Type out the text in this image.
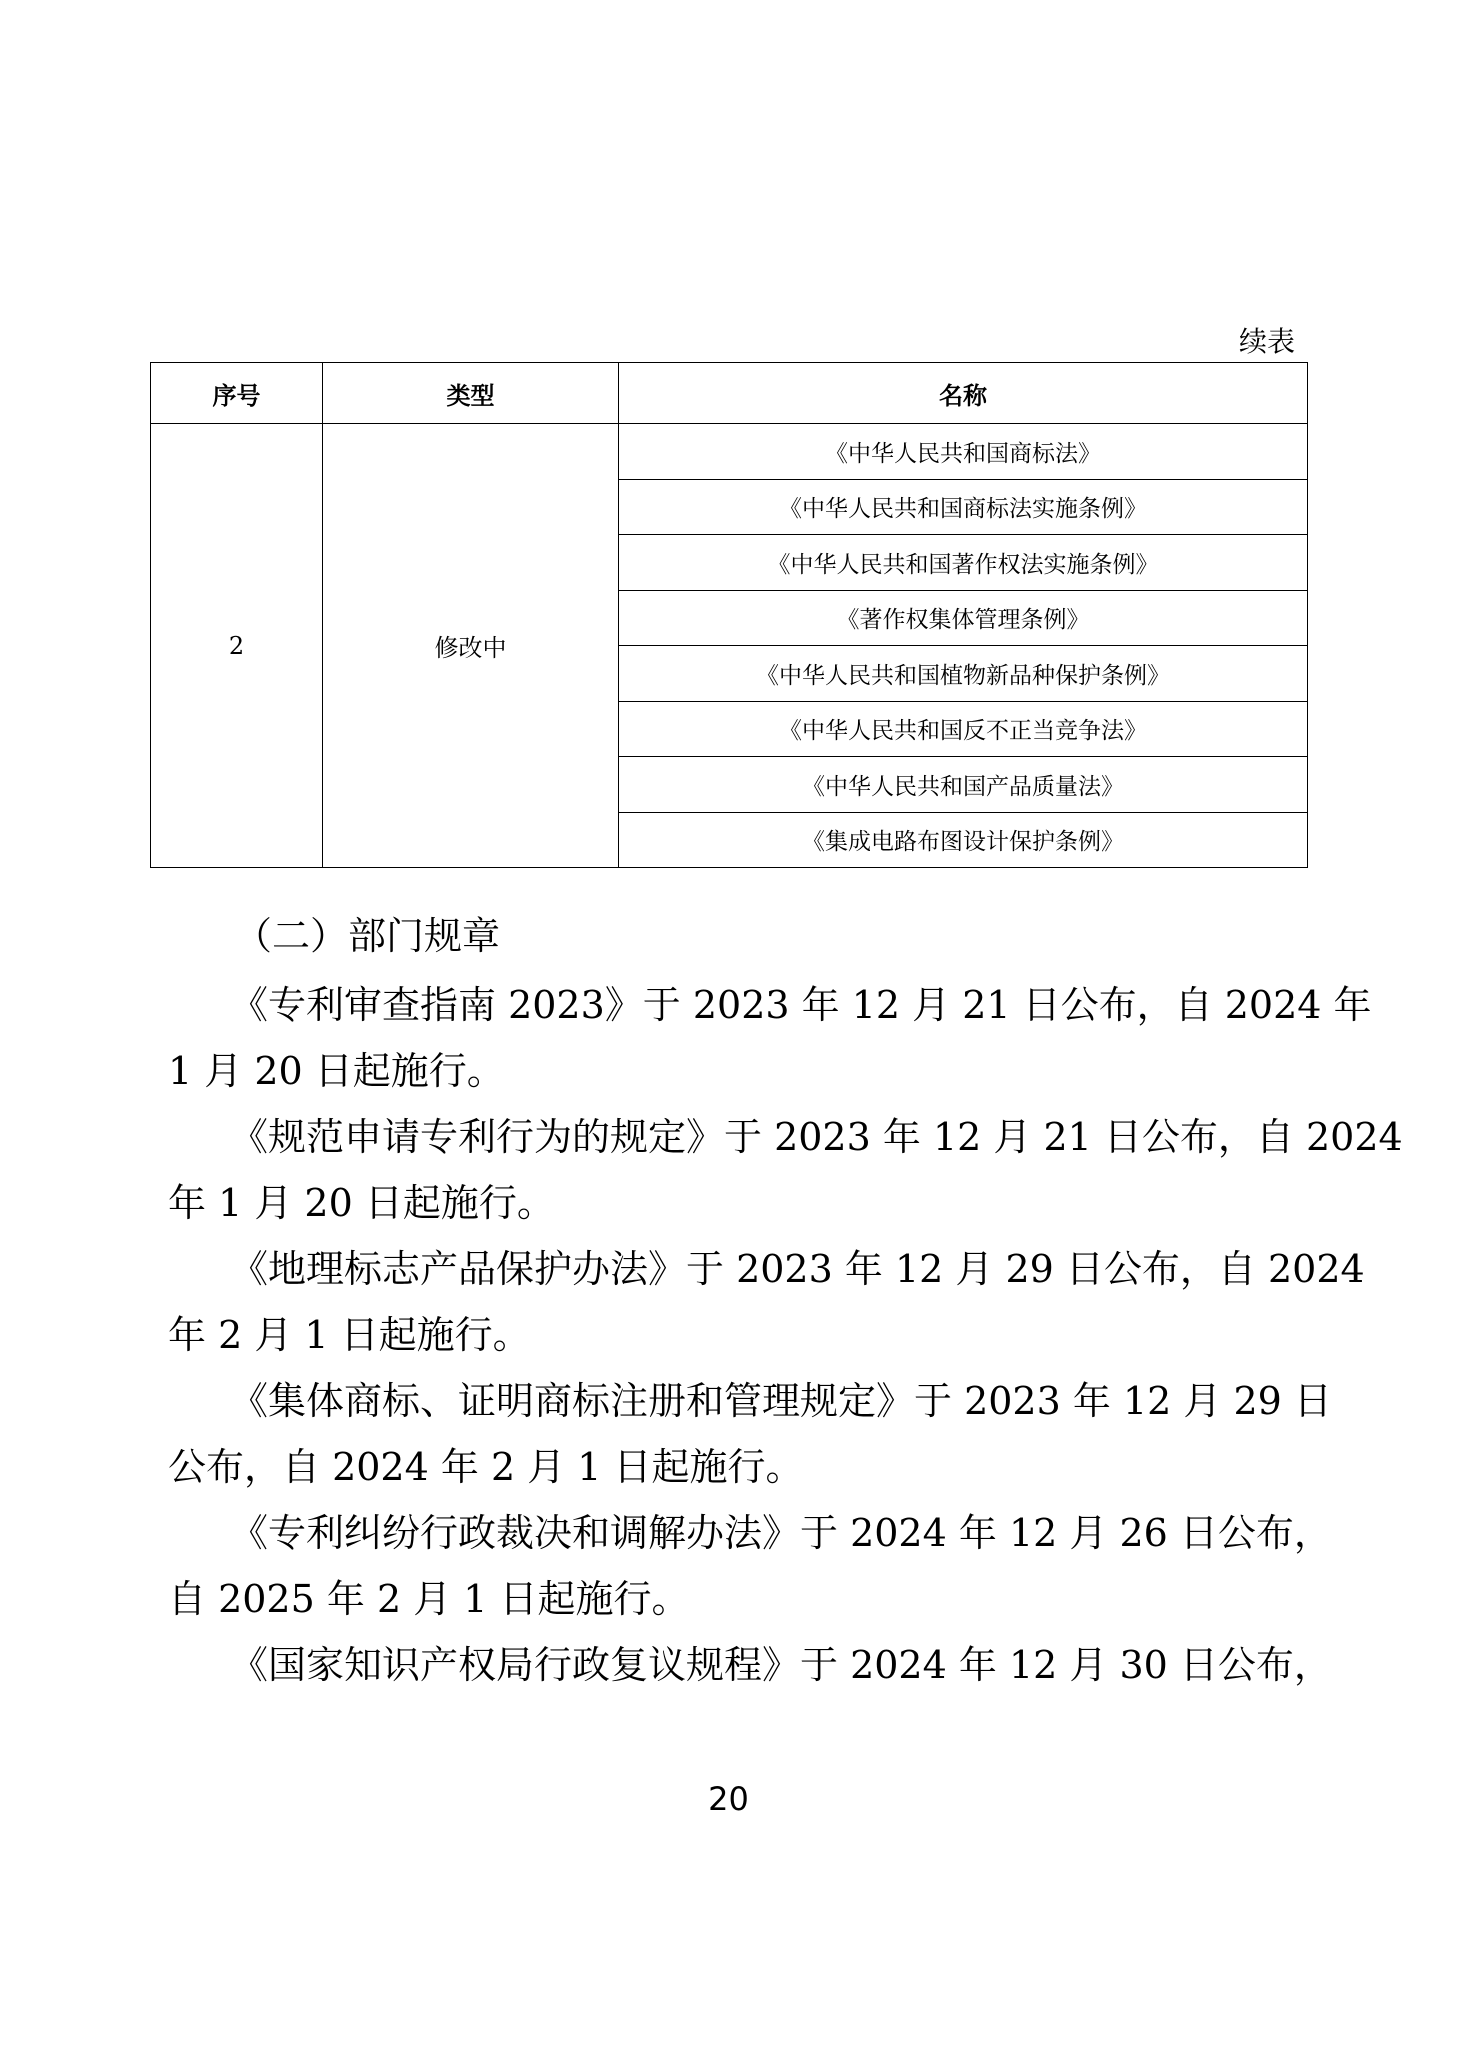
续表
序号	类型	名称
2	修改中	《中华人民共和国商标法》
		《中华人民共和国商标法实施条例》
		《中华人民共和国著作权法实施条例》
		《著作权集体管理条例》
		《中华人民共和国植物新品种保护条例》
		《中华人民共和国反不正当竞争法》
		《中华人民共和国产品质量法》
		《集成电路布图设计保护条例》

（二）部门规章

《专利审查指南 2023》于 2023 年 12 月 21 日公布，自 2024 年
1 月 20 日起施行。

《规范申请专利行为的规定》于 2023 年 12 月 21 日公布，自 2024
年 1 月 20 日起施行。

《地理标志产品保护办法》于 2023 年 12 月 29 日公布，自 2024
年 2 月 1 日起施行。

《集体商标、证明商标注册和管理规定》于 2023 年 12 月 29 日
公布，自 2024 年 2 月 1 日起施行。

《专利纠纷行政裁决和调解办法》于 2024 年 12 月 26 日公布，
自 2025 年 2 月 1 日起施行。

《国家知识产权局行政复议规程》于 2024 年 12 月 30 日公布，

20
